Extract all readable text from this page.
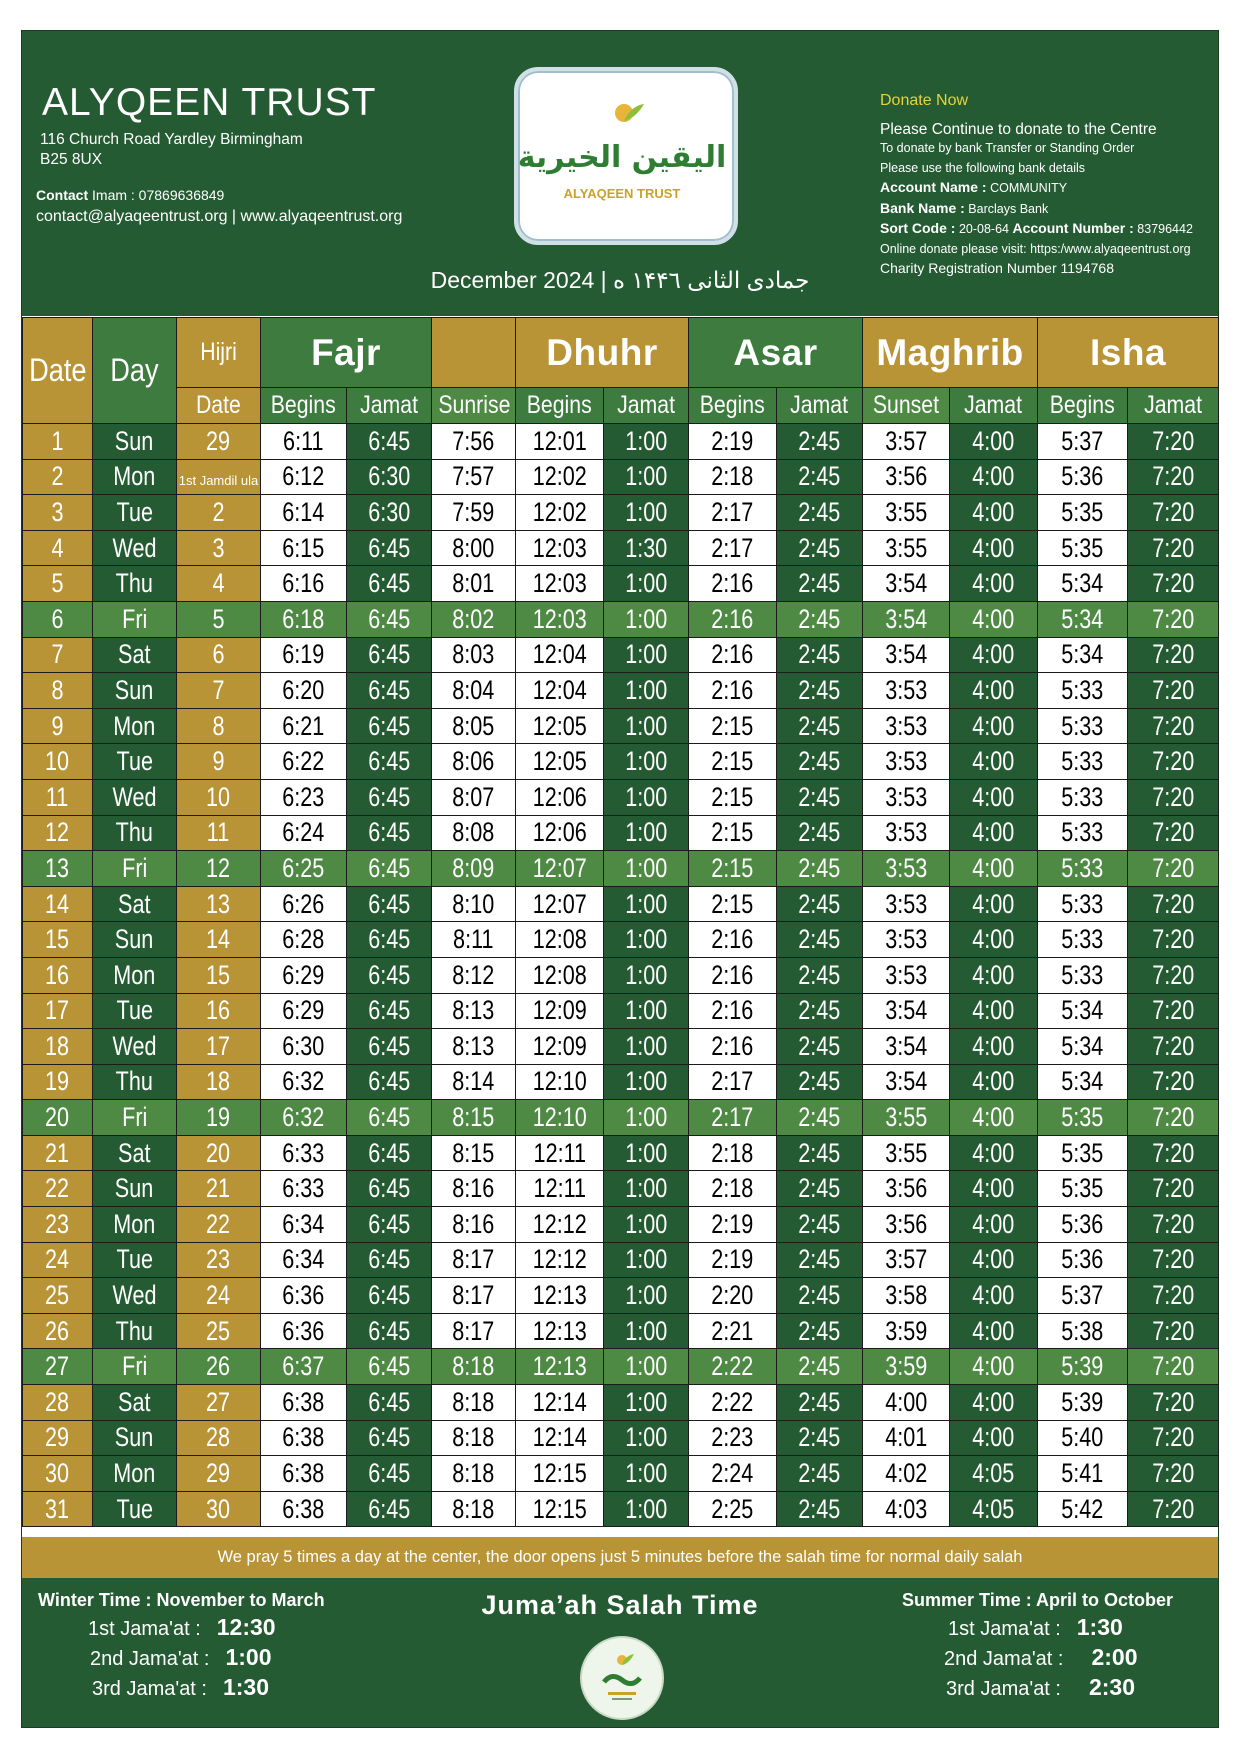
ALYQEEN TRUST
116 Church Road Yardley Birmingham
B25 8UX
Contact Imam : 07869636849
contact@alyaqeentrust.org | www.alyaqeentrust.org
اليقين الخيرية
ALYAQEEN TRUST
Donate Now
Please Continue to donate to the Centre
To donate by bank Transfer or Standing Order
Please use the following bank details
Account Name : COMMUNITY
Bank Name : Barclays Bank
Sort Code : 20-08-64 Account Number : 83796442
Online donate please visit: https:/www.alyaqeentrust.org
Charity Registration Number 1194768
December 2024 | جمادى الثانى ١۴۴٦ ه
Date	Day	Hijri	Fajr			Dhuhr		Asar		Maghrib		Isha	
		Date	Begins	Jamat	Sunrise	Begins	Jamat	Begins	Jamat	Sunset	Jamat	Begins	Jamat
1	Sun	29	6:11	6:45	7:56	12:01	1:00	2:19	2:45	3:57	4:00	5:37	7:20
2	Mon	1st Jamdil ula	6:12	6:30	7:57	12:02	1:00	2:18	2:45	3:56	4:00	5:36	7:20
3	Tue	2	6:14	6:30	7:59	12:02	1:00	2:17	2:45	3:55	4:00	5:35	7:20
4	Wed	3	6:15	6:45	8:00	12:03	1:30	2:17	2:45	3:55	4:00	5:35	7:20
5	Thu	4	6:16	6:45	8:01	12:03	1:00	2:16	2:45	3:54	4:00	5:34	7:20
6	Fri	5	6:18	6:45	8:02	12:03	1:00	2:16	2:45	3:54	4:00	5:34	7:20
7	Sat	6	6:19	6:45	8:03	12:04	1:00	2:16	2:45	3:54	4:00	5:34	7:20
8	Sun	7	6:20	6:45	8:04	12:04	1:00	2:16	2:45	3:53	4:00	5:33	7:20
9	Mon	8	6:21	6:45	8:05	12:05	1:00	2:15	2:45	3:53	4:00	5:33	7:20
10	Tue	9	6:22	6:45	8:06	12:05	1:00	2:15	2:45	3:53	4:00	5:33	7:20
11	Wed	10	6:23	6:45	8:07	12:06	1:00	2:15	2:45	3:53	4:00	5:33	7:20
12	Thu	11	6:24	6:45	8:08	12:06	1:00	2:15	2:45	3:53	4:00	5:33	7:20
13	Fri	12	6:25	6:45	8:09	12:07	1:00	2:15	2:45	3:53	4:00	5:33	7:20
14	Sat	13	6:26	6:45	8:10	12:07	1:00	2:15	2:45	3:53	4:00	5:33	7:20
15	Sun	14	6:28	6:45	8:11	12:08	1:00	2:16	2:45	3:53	4:00	5:33	7:20
16	Mon	15	6:29	6:45	8:12	12:08	1:00	2:16	2:45	3:53	4:00	5:33	7:20
17	Tue	16	6:29	6:45	8:13	12:09	1:00	2:16	2:45	3:54	4:00	5:34	7:20
18	Wed	17	6:30	6:45	8:13	12:09	1:00	2:16	2:45	3:54	4:00	5:34	7:20
19	Thu	18	6:32	6:45	8:14	12:10	1:00	2:17	2:45	3:54	4:00	5:34	7:20
20	Fri	19	6:32	6:45	8:15	12:10	1:00	2:17	2:45	3:55	4:00	5:35	7:20
21	Sat	20	6:33	6:45	8:15	12:11	1:00	2:18	2:45	3:55	4:00	5:35	7:20
22	Sun	21	6:33	6:45	8:16	12:11	1:00	2:18	2:45	3:56	4:00	5:35	7:20
23	Mon	22	6:34	6:45	8:16	12:12	1:00	2:19	2:45	3:56	4:00	5:36	7:20
24	Tue	23	6:34	6:45	8:17	12:12	1:00	2:19	2:45	3:57	4:00	5:36	7:20
25	Wed	24	6:36	6:45	8:17	12:13	1:00	2:20	2:45	3:58	4:00	5:37	7:20
26	Thu	25	6:36	6:45	8:17	12:13	1:00	2:21	2:45	3:59	4:00	5:38	7:20
27	Fri	26	6:37	6:45	8:18	12:13	1:00	2:22	2:45	3:59	4:00	5:39	7:20
28	Sat	27	6:38	6:45	8:18	12:14	1:00	2:22	2:45	4:00	4:00	5:39	7:20
29	Sun	28	6:38	6:45	8:18	12:14	1:00	2:23	2:45	4:01	4:00	5:40	7:20
30	Mon	29	6:38	6:45	8:18	12:15	1:00	2:24	2:45	4:02	4:05	5:41	7:20
31	Tue	30	6:38	6:45	8:18	12:15	1:00	2:25	2:45	4:03	4:05	5:42	7:20
We pray 5 times a day at the center, the door opens just 5 minutes before the salah time for normal daily salah
Juma’ah Salah Time
Winter Time : November to March
1st Jama'at : 12:30
2nd Jama'at : 1:00
3rd Jama'at : 1:30
Summer Time : April to October
1st Jama'at : 1:30
2nd Jama'at : 2:00
3rd Jama'at : 2:30
